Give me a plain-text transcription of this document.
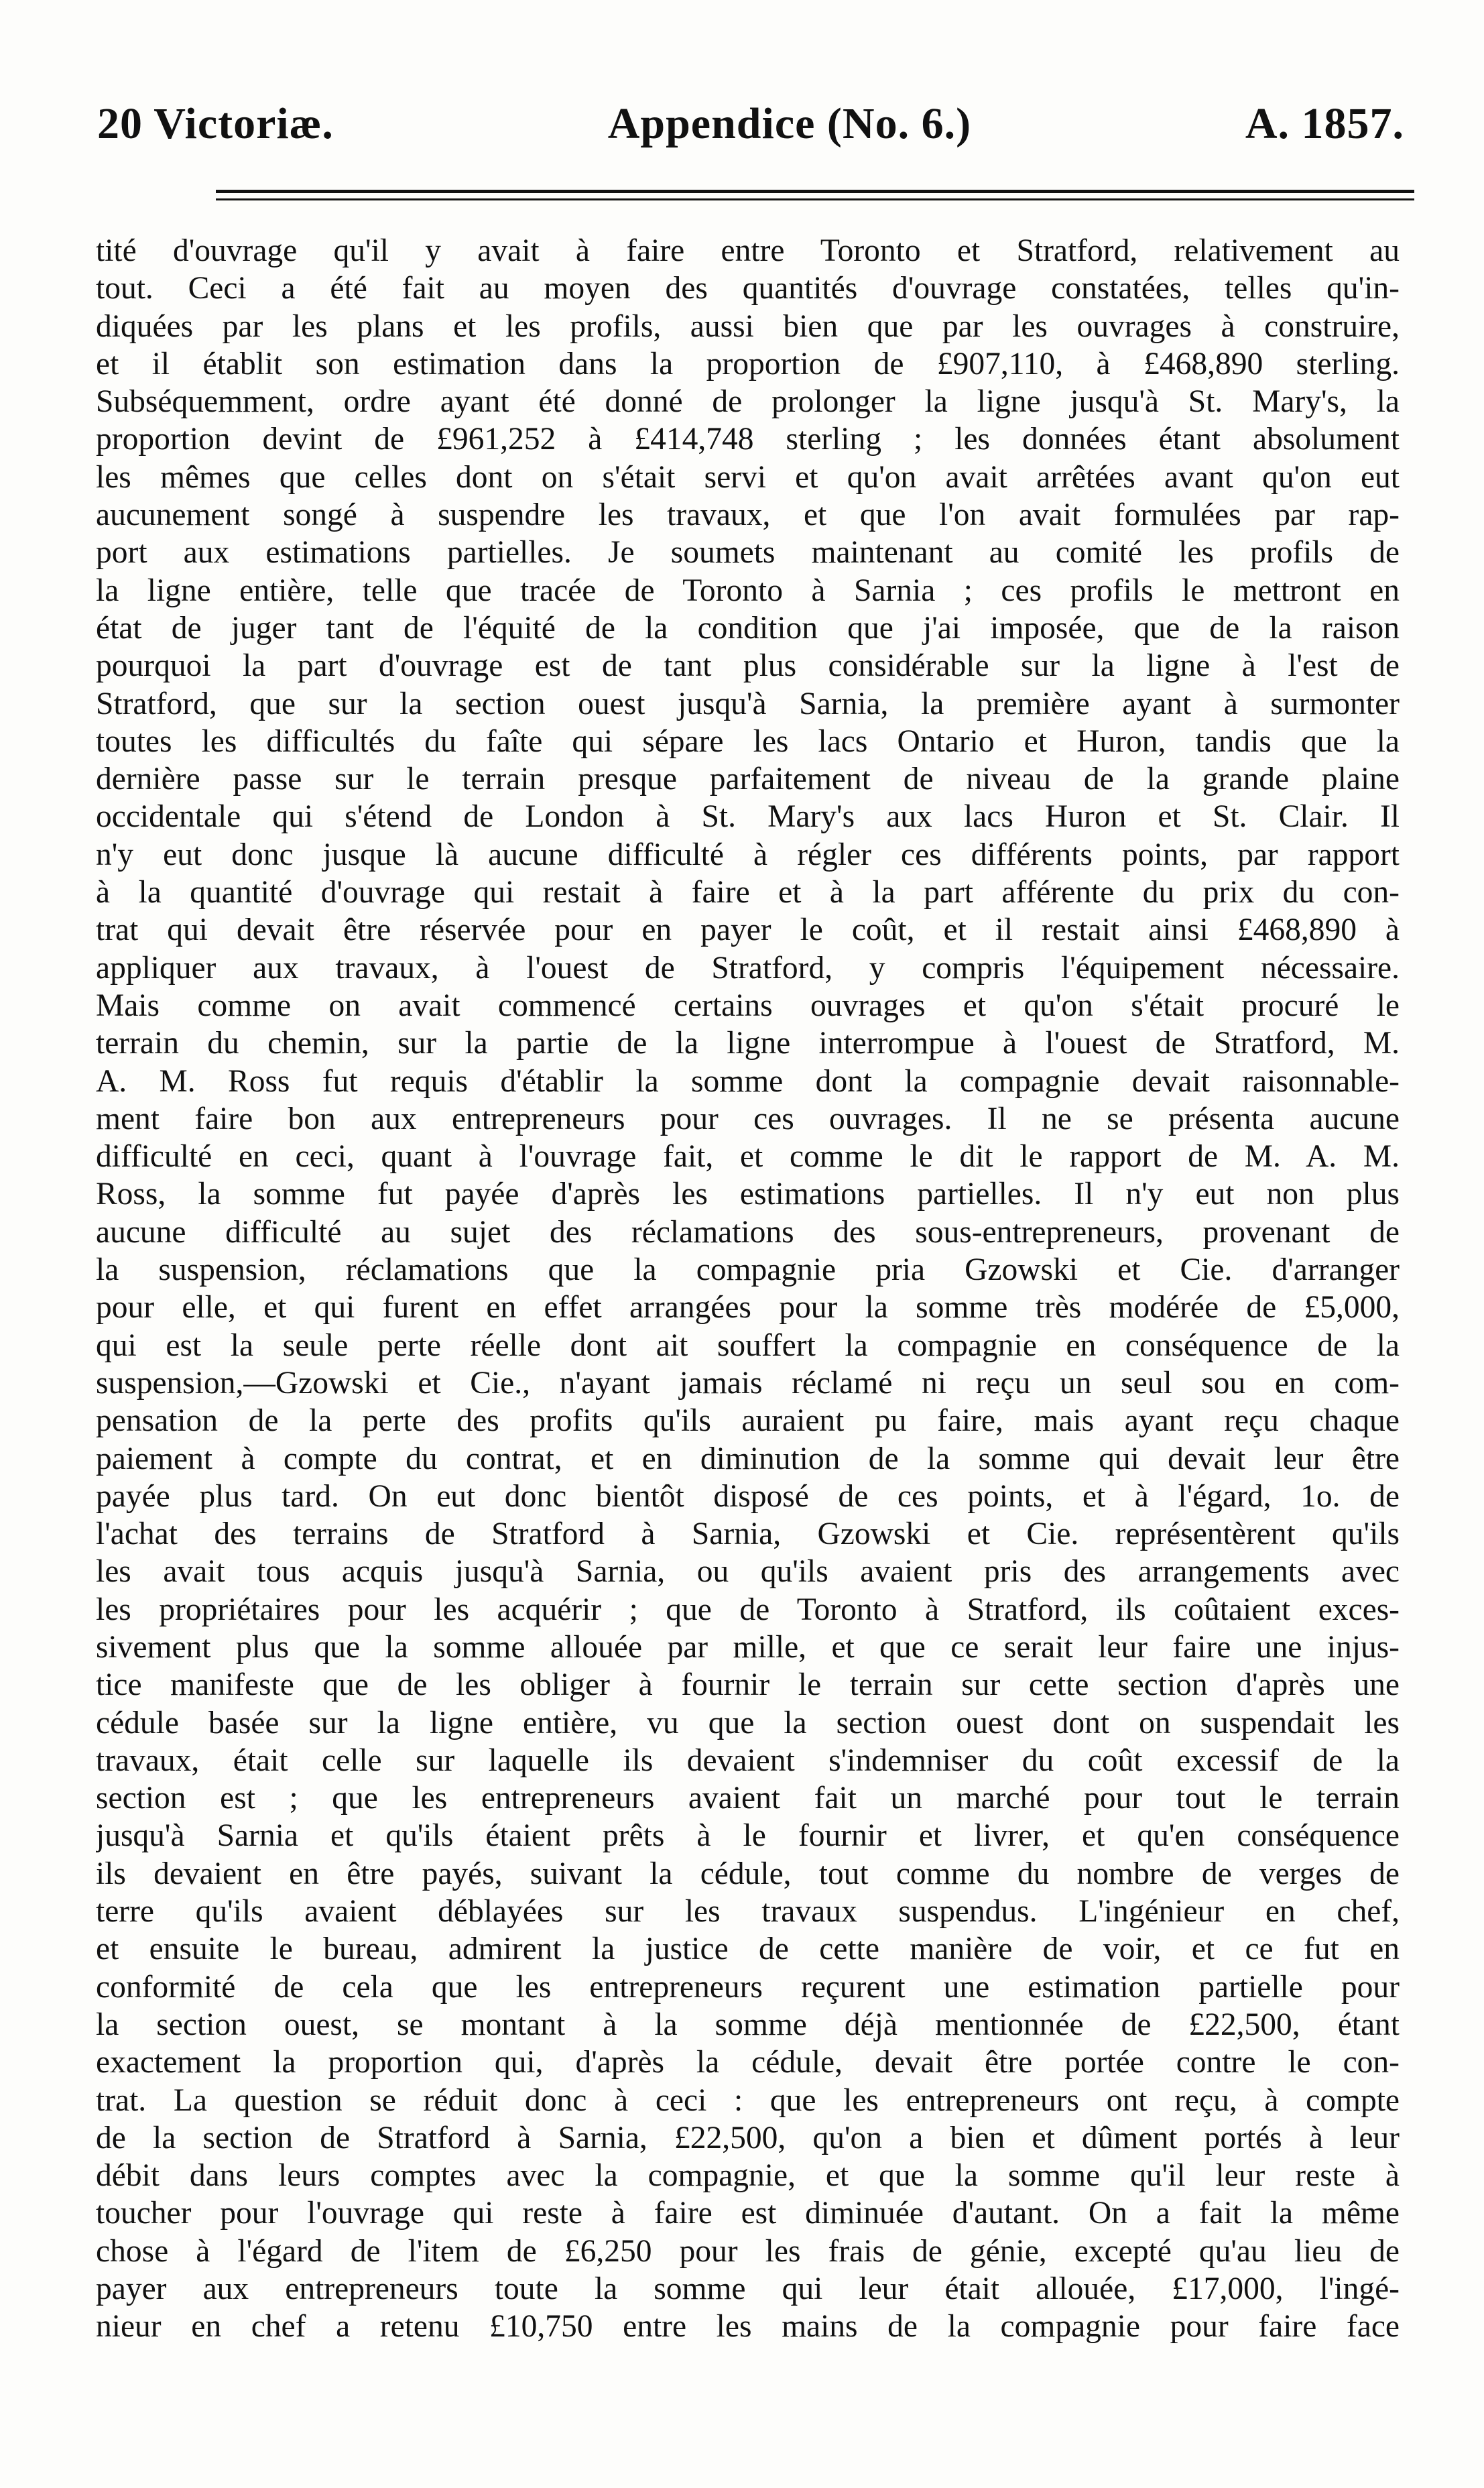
20 Victoriæ.	Appendice (No. 6.)	A. 1857.
tité d'ouvrage qu'il y avait à faire entre Toronto et Stratford, relativement au
tout. Ceci a été fait au moyen des quantités d'ouvrage constatées, telles qu'in-
diquées par les plans et les profils, aussi bien que par les ouvrages à construire,
et il établit son estimation dans la proportion de £907,110, à £468,890 sterling.
Subséquemment, ordre ayant été donné de prolonger la ligne jusqu'à St. Mary's, la
proportion devint de £961,252 à £414,748 sterling ; les données étant absolument
les mêmes que celles dont on s'était servi et qu'on avait arrêtées avant qu'on eut
aucunement songé à suspendre les travaux, et que l'on avait formulées par rap-
port aux estimations partielles. Je soumets maintenant au comité les profils de
la ligne entière, telle que tracée de Toronto à Sarnia ; ces profils le mettront en
état de juger tant de l'équité de la condition que j'ai imposée, que de la raison
pourquoi la part d'ouvrage est de tant plus considérable sur la ligne à l'est de
Stratford, que sur la section ouest jusqu'à Sarnia, la première ayant à surmonter
toutes les difficultés du faîte qui sépare les lacs Ontario et Huron, tandis que la
dernière passe sur le terrain presque parfaitement de niveau de la grande plaine
occidentale qui s'étend de London à St. Mary's aux lacs Huron et St. Clair. Il
n'y eut donc jusque là aucune difficulté à régler ces différents points, par rapport
à la quantité d'ouvrage qui restait à faire et à la part afférente du prix du con-
trat qui devait être réservée pour en payer le coût, et il restait ainsi £468,890 à
appliquer aux travaux, à l'ouest de Stratford, y compris l'équipement nécessaire.
Mais comme on avait commencé certains ouvrages et qu'on s'était procuré le
terrain du chemin, sur la partie de la ligne interrompue à l'ouest de Stratford, M.
A. M. Ross fut requis d'établir la somme dont la compagnie devait raisonnable-
ment faire bon aux entrepreneurs pour ces ouvrages. Il ne se présenta aucune
difficulté en ceci, quant à l'ouvrage fait, et comme le dit le rapport de M. A. M.
Ross, la somme fut payée d'après les estimations partielles. Il n'y eut non plus
aucune difficulté au sujet des réclamations des sous-entrepreneurs, provenant de
la suspension, réclamations que la compagnie pria Gzowski et Cie. d'arranger
pour elle, et qui furent en effet arrangées pour la somme très modérée de £5,000,
qui est la seule perte réelle dont ait souffert la compagnie en conséquence de la
suspension,—Gzowski et Cie., n'ayant jamais réclamé ni reçu un seul sou en com-
pensation de la perte des profits qu'ils auraient pu faire, mais ayant reçu chaque
paiement à compte du contrat, et en diminution de la somme qui devait leur être
payée plus tard. On eut donc bientôt disposé de ces points, et à l'égard, 1o. de
l'achat des terrains de Stratford à Sarnia, Gzowski et Cie. représentèrent qu'ils
les avait tous acquis jusqu'à Sarnia, ou qu'ils avaient pris des arrangements avec
les propriétaires pour les acquérir ; que de Toronto à Stratford, ils coûtaient exces-
sivement plus que la somme allouée par mille, et que ce serait leur faire une injus-
tice manifeste que de les obliger à fournir le terrain sur cette section d'après une
cédule basée sur la ligne entière, vu que la section ouest dont on suspendait les
travaux, était celle sur laquelle ils devaient s'indemniser du coût excessif de la
section est ; que les entrepreneurs avaient fait un marché pour tout le terrain
jusqu'à Sarnia et qu'ils étaient prêts à le fournir et livrer, et qu'en conséquence
ils devaient en être payés, suivant la cédule, tout comme du nombre de verges de
terre qu'ils avaient déblayées sur les travaux suspendus. L'ingénieur en chef,
et ensuite le bureau, admirent la justice de cette manière de voir, et ce fut en
conformité de cela que les entrepreneurs reçurent une estimation partielle pour
la section ouest, se montant à la somme déjà mentionnée de £22,500, étant
exactement la proportion qui, d'après la cédule, devait être portée contre le con-
trat. La question se réduit donc à ceci : que les entrepreneurs ont reçu, à compte
de la section de Stratford à Sarnia, £22,500, qu'on a bien et dûment portés à leur
débit dans leurs comptes avec la compagnie, et que la somme qu'il leur reste à
toucher pour l'ouvrage qui reste à faire est diminuée d'autant. On a fait la même
chose à l'égard de l'item de £6,250 pour les frais de génie, excepté qu'au lieu de
payer aux entrepreneurs toute la somme qui leur était allouée, £17,000, l'ingé-
nieur en chef a retenu £10,750 entre les mains de la compagnie pour faire face
